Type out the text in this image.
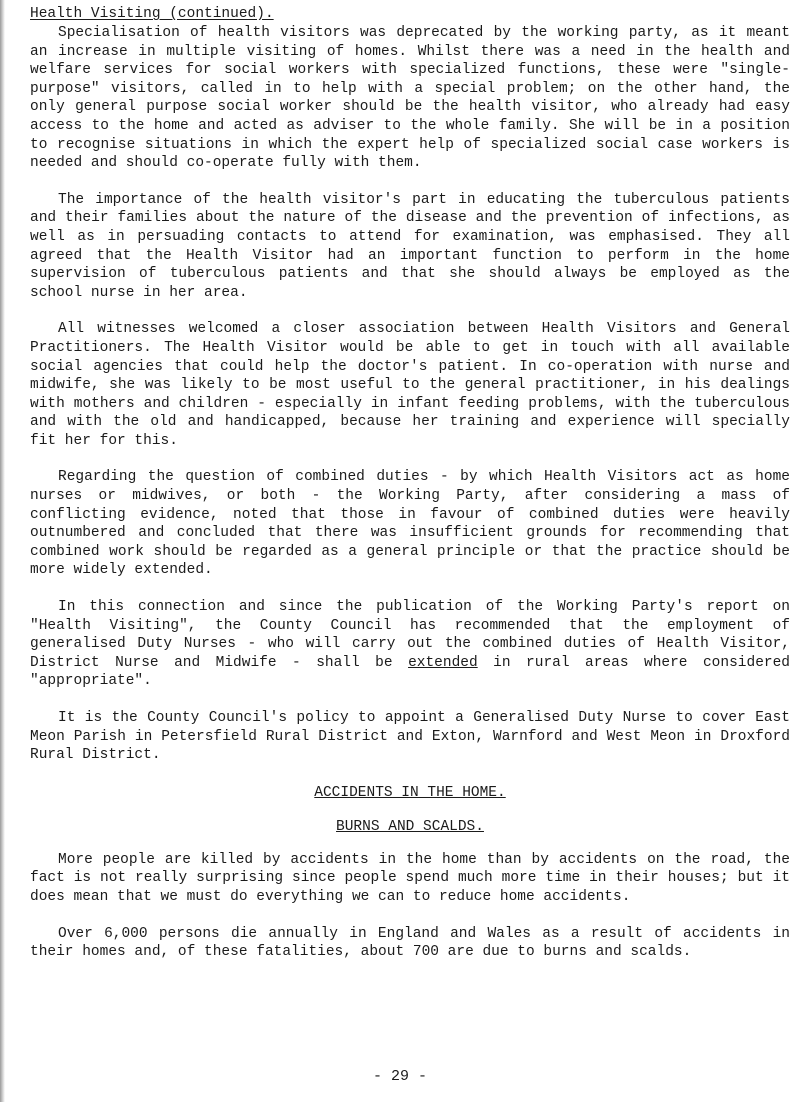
Health Visiting (continued).

Specialisation of health visitors was deprecated by the working party, as it meant an increase in multiple visiting of homes. Whilst there was a need in the health and welfare services for social workers with specialized functions, these were "single-purpose" visitors, called in to help with a special problem; on the other hand, the only general purpose social worker should be the health visitor, who already had easy access to the home and acted as adviser to the whole family. She will be in a position to recognise situations in which the expert help of specialized social case workers is needed and should co-operate fully with them.

The importance of the health visitor's part in educating the tuberculous patients and their families about the nature of the disease and the prevention of infections, as well as in persuading contacts to attend for examination, was emphasised. They all agreed that the Health Visitor had an important function to perform in the home supervision of tuberculous patients and that she should always be employed as the school nurse in her area.

All witnesses welcomed a closer association between Health Visitors and General Practitioners. The Health Visitor would be able to get in touch with all available social agencies that could help the doctor's patient. In co-operation with nurse and midwife, she was likely to be most useful to the general practitioner, in his dealings with mothers and children - especially in infant feeding problems, with the tuberculous and with the old and handicapped, because her training and experience will specially fit her for this.

Regarding the question of combined duties - by which Health Visitors act as home nurses or midwives, or both - the Working Party, after considering a mass of conflicting evidence, noted that those in favour of combined duties were heavily outnumbered and concluded that there was insufficient grounds for recommending that combined work should be regarded as a general principle or that the practice should be more widely extended.

In this connection and since the publication of the Working Party's report on "Health Visiting", the County Council has recommended that the employment of generalised Duty Nurses - who will carry out the combined duties of Health Visitor, District Nurse and Midwife - shall be extended in rural areas where considered "appropriate".

It is the County Council's policy to appoint a Generalised Duty Nurse to cover East Meon Parish in Petersfield Rural District and Exton, Warnford and West Meon in Droxford Rural District.

ACCIDENTS IN THE HOME.

BURNS AND SCALDS.

More people are killed by accidents in the home than by accidents on the road, the fact is not really surprising since people spend much more time in their houses; but it does mean that we must do everything we can to reduce home accidents.

Over 6,000 persons die annually in England and Wales as a result of accidents in their homes and, of these fatalities, about 700 are due to burns and scalds.

- 29 -
